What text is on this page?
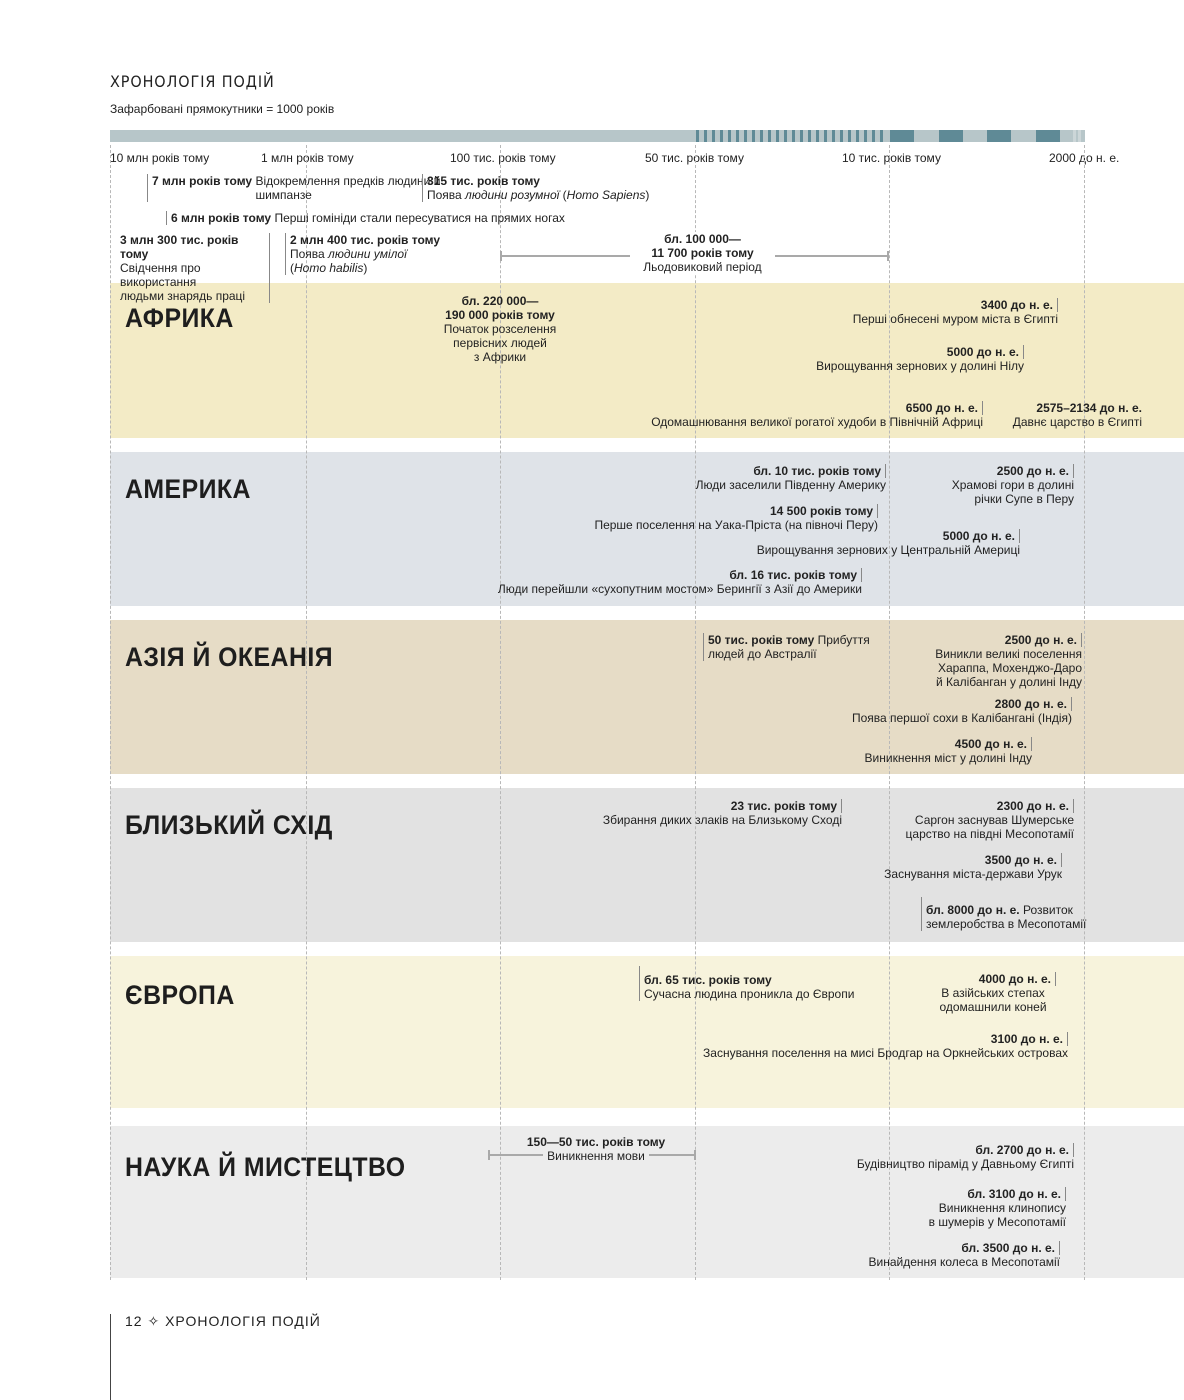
ХРОНОЛОГІЯ ПОДІЙ
Зафарбовані прямокутники = 1000 років
10 млн років тому	1 млн років тому	100 тис. років тому	50 тис. років тому	10 тис. років тому	2000 до н. е.
7 млн років тому Відокремлення предків людини й шимпанзе
315 тис. років тому
Поява людини розумної (Homo Sapiens)
6 млн років тому Перші гомініди стали пересуватися на прямих ногах
3 млн 300 тис. років тому
Свідчення про використання
людьми знарядь праці
2 млн 400 тис. років тому
Поява людини умілої
(Homo habilis)
бл. 100 000—
11 700 років тому
Льодовиковий період
АФРИКА
бл. 220 000—
190 000 років тому
Початок розселення
первісних людей
з Африки
3400 до н. е.
Перші обнесені муром міста в Єгипті
5000 до н. е.
Вирощування зернових у долині Нілу
6500 до н. е.
Одомашнювання великої рогатої худоби в Північній Африці
2575–2134 до н. е.
Давнє царство в Єгипті
АМЕРИКА
бл. 10 тис. років тому
Люди заселили Південну Америку
14 500 років тому
Перше поселення на Уака-Пріста (на півночі Перу)
бл. 16 тис. років тому
Люди перейшли «сухопутним мостом» Берингії з Азії до Америки
2500 до н. е.
Храмові гори в долині
річки Супе в Перу
5000 до н. е.
Вирощування зернових у Центральній Америці
АЗІЯ Й ОКЕАНІЯ
50 тис. років тому Прибуття
людей до Австралії
2500 до н. е.
Виникли великі поселення
Хараппа, Мохенджо-Даро
й Калібанган у долині Інду
2800 до н. е.
Поява першої сохи в Калібангані (Індія)
4500 до н. е.
Виникнення міст у долині Інду
БЛИЗЬКИЙ СХІД
23 тис. років тому
Збирання диких злаків на Близькому Сході
2300 до н. е.
Саргон заснував Шумерське
царство на півдні Месопотамії
3500 до н. е.
Заснування міста-держави Урук
бл. 8000 до н. е. Розвиток
землеробства в Месопотамії
ЄВРОПА	бл. 65 тис. років тому
Сучасна людина проникла до Європи
4000 до н. е.
В азійських степах
одомашнили коней
3100 до н. е.
Заснування поселення на мисі Бродгар на Оркнейських островах
НАУКА Й МИСТЕЦТВО
150—50 тис. років тому
Виникнення мови	бл. 2700 до н. е.
Будівництво пірамід у Давньому Єгипті
бл. 3100 до н. е.
Виникнення клинопису
в шумерів у Месопотамії
бл. 3500 до н. е.
Винайдення колеса в Месопотамії
12 ✧ ХРОНОЛОГІЯ ПОДІЙ
